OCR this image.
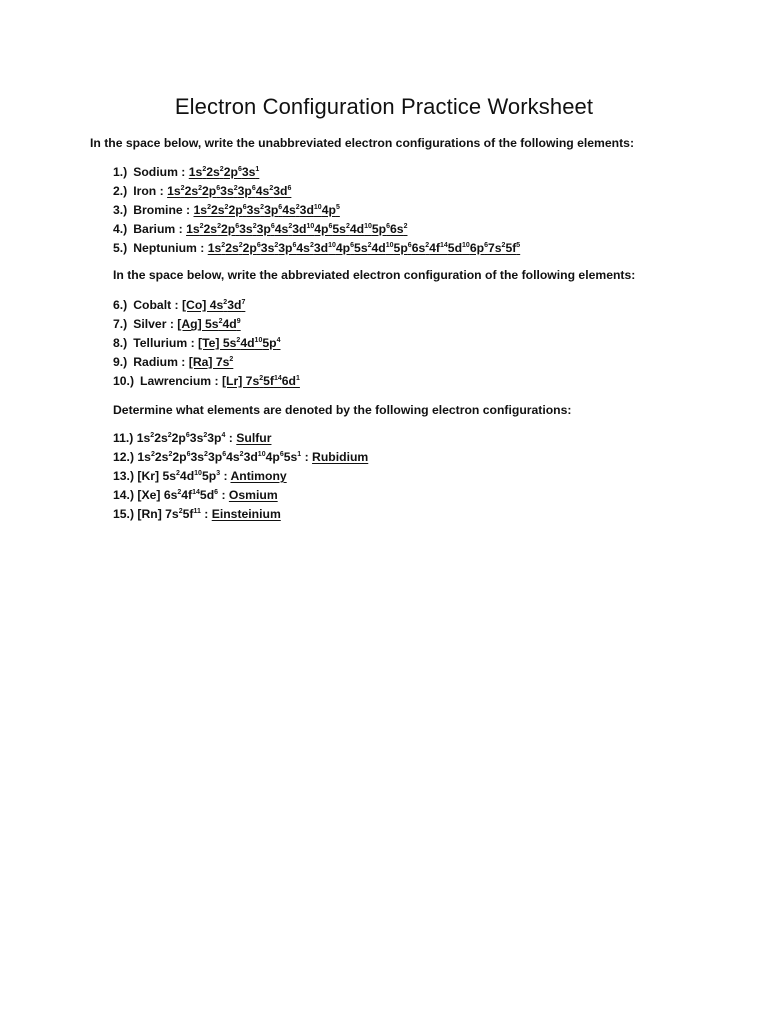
Electron Configuration Practice Worksheet
In the space below, write the unabbreviated electron configurations of the following elements:
1.) Sodium : $1s^22s^22p^63s^1$
2.) Iron : $1s^22s^22p^63s^23p^64s^23d^6$
3.) Bromine : $1s^22s^22p^63s^23p^64s^23d^{10}4p^5$
4.) Barium : $1s^22s^22p^63s^23p^64s^23d^{10}4p^65s^24d^{10}5p^66s^2$
5.) Neptunium : $1s^22s^22p^63s^23p^64s^23d^{10}4p^65s^24d^{10}5p^66s^24f^{14}5d^{10}6p^67s^25f^5$
In the space below, write the abbreviated electron configuration of the following elements:
6.) Cobalt : [Co] $4s^23d^7$
7.) Silver : [Ag] $5s^24d^9$
8.) Tellurium : [Te] $5s^24d^{10}5p^4$
9.) Radium : [Ra] $7s^2$
10.) Lawrencium : [Lr] $7s^25f^{14}6d^1$
Determine what elements are denoted by the following electron configurations:
11.) $1s^22s^22p^63s^23p^4$ : Sulfur
12.) $1s^22s^22p^63s^23p^64s^23d^{10}4p^65s^1$ : Rubidium
13.) [Kr] $5s^24d^{10}5p^3$ : Antimony
14.) [Xe] $6s^24f^{14}5d^6$ : Osmium
15.) [Rn] $7s^25f^{11}$ : Einsteinium
